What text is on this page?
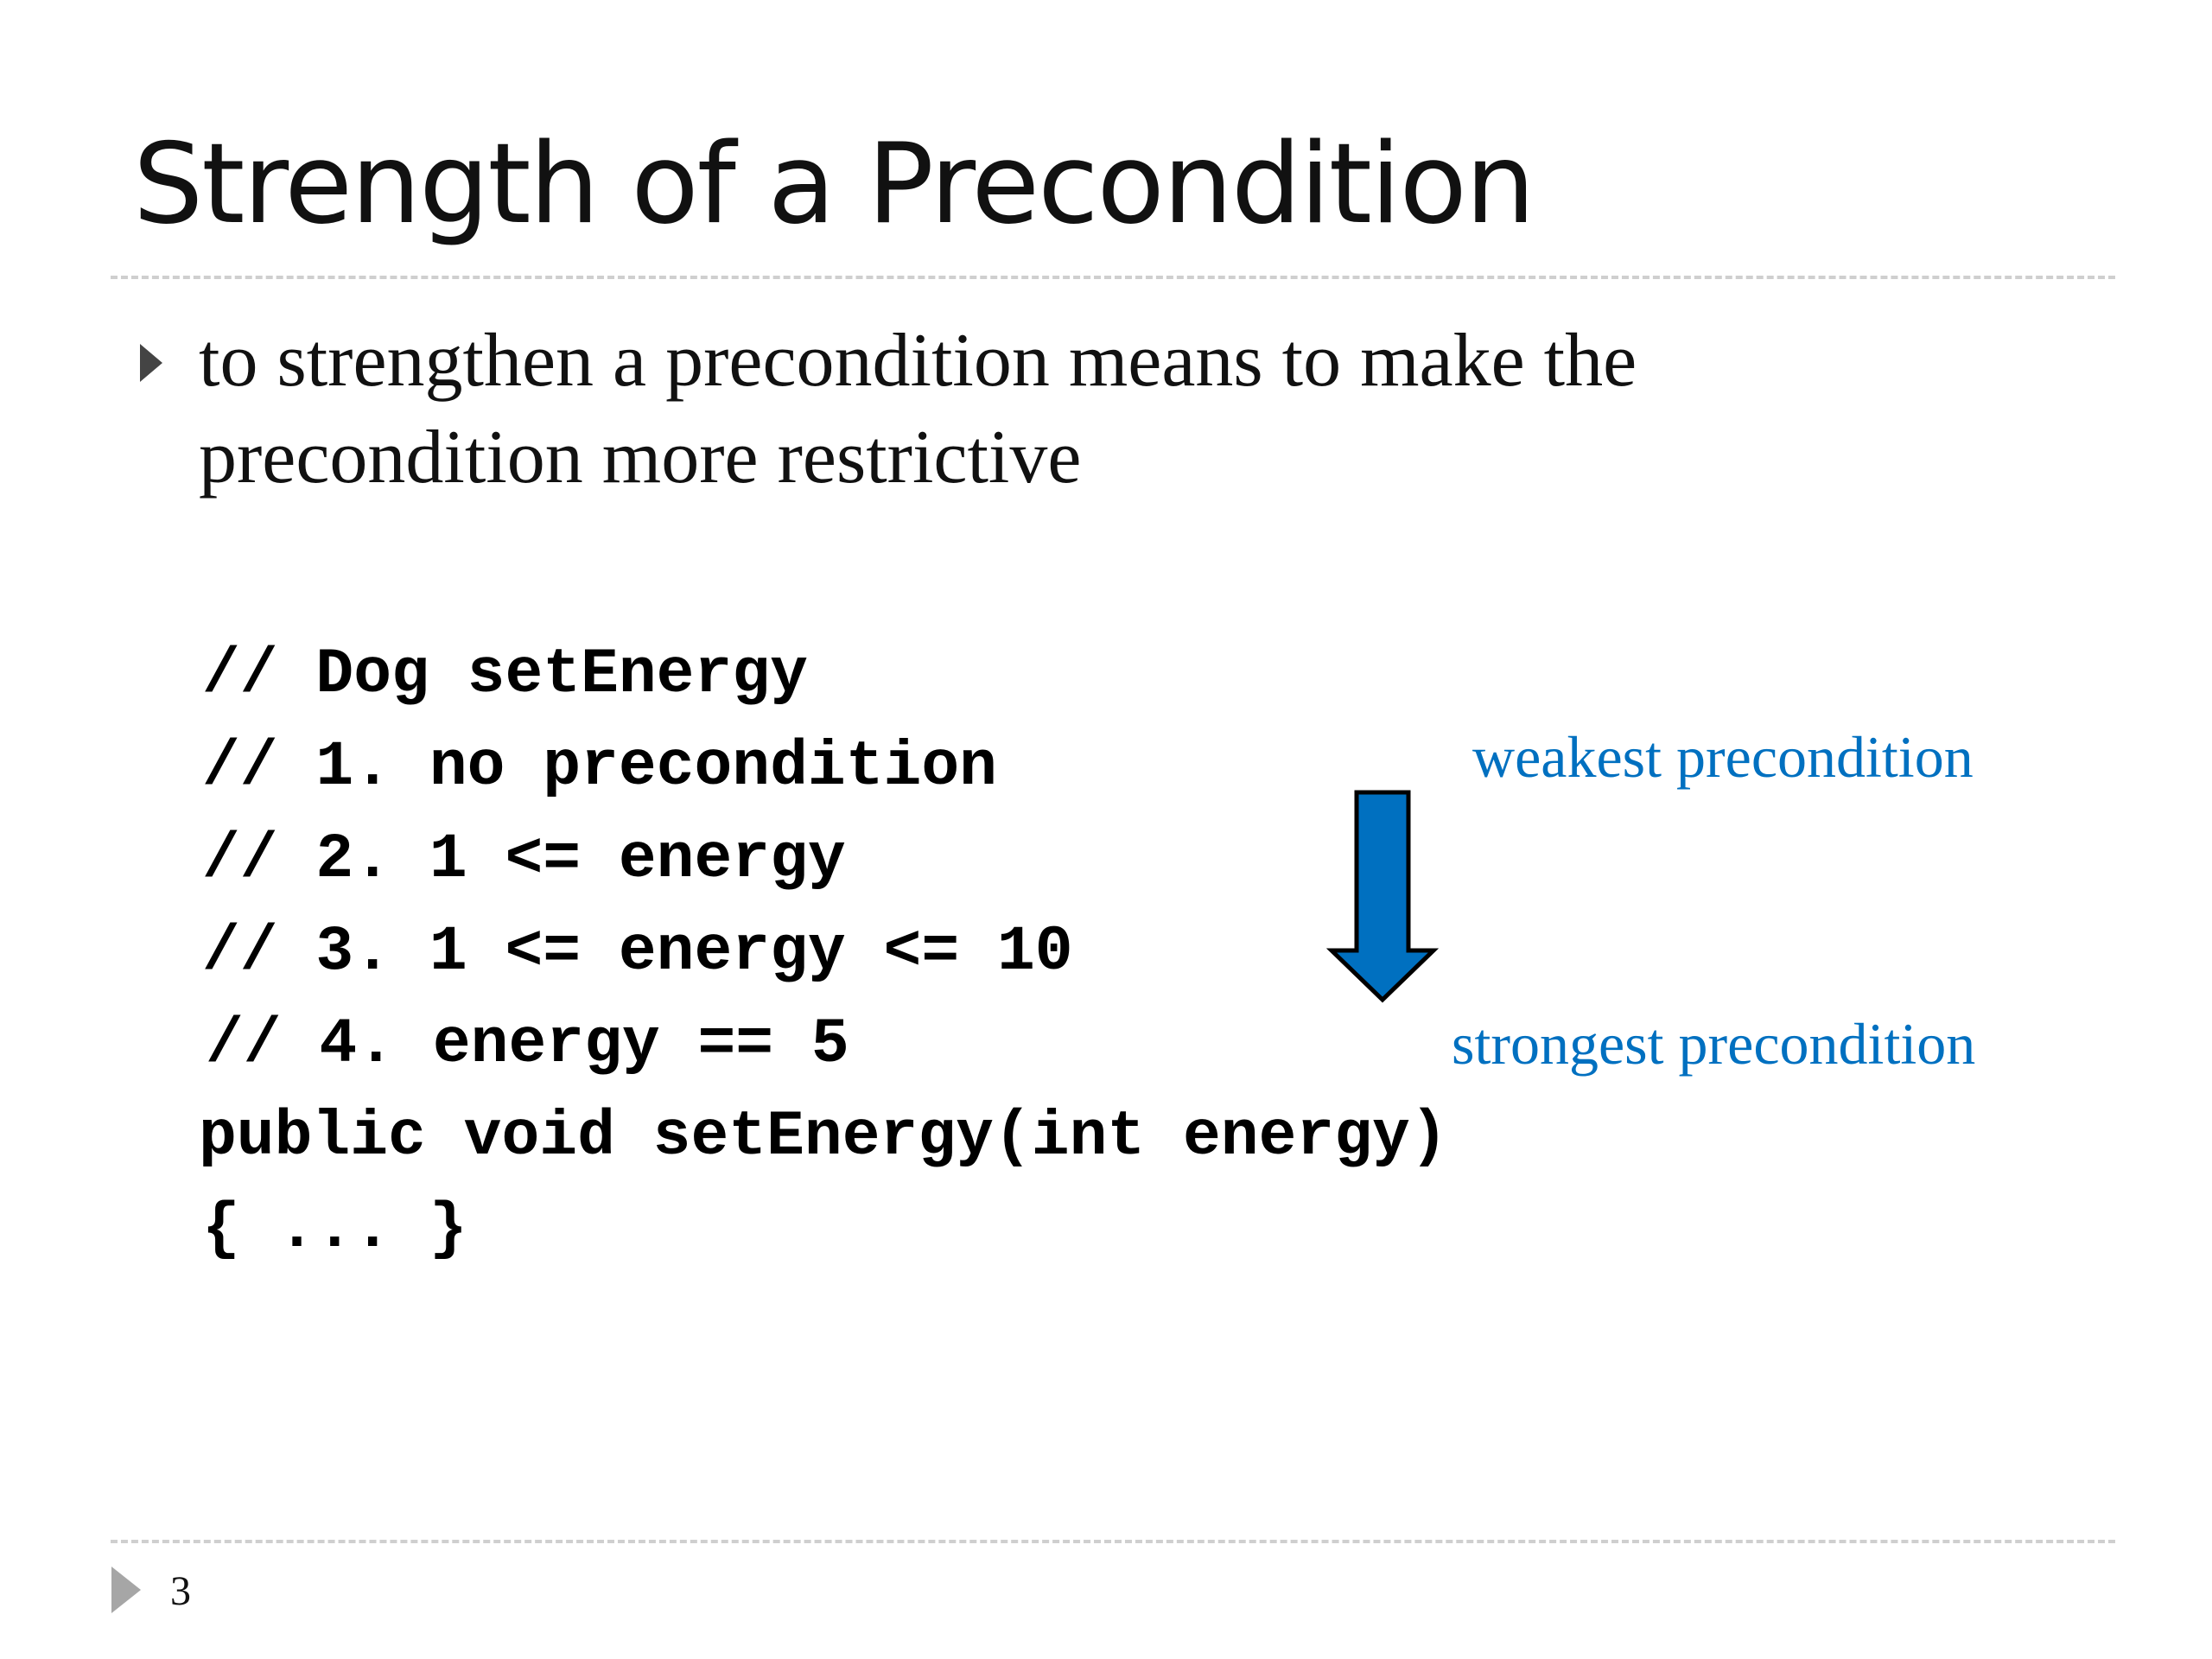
Strength of a Precondition
to strengthen a precondition means to make the
precondition more restrictive
// Dog setEnergy
// 1. no precondition
// 2. 1 <= energy
// 3. 1 <= energy <= 10
// 4. energy == 5
public void setEnergy(int energy)
{ ... }
weakest precondition
strongest precondition
3
